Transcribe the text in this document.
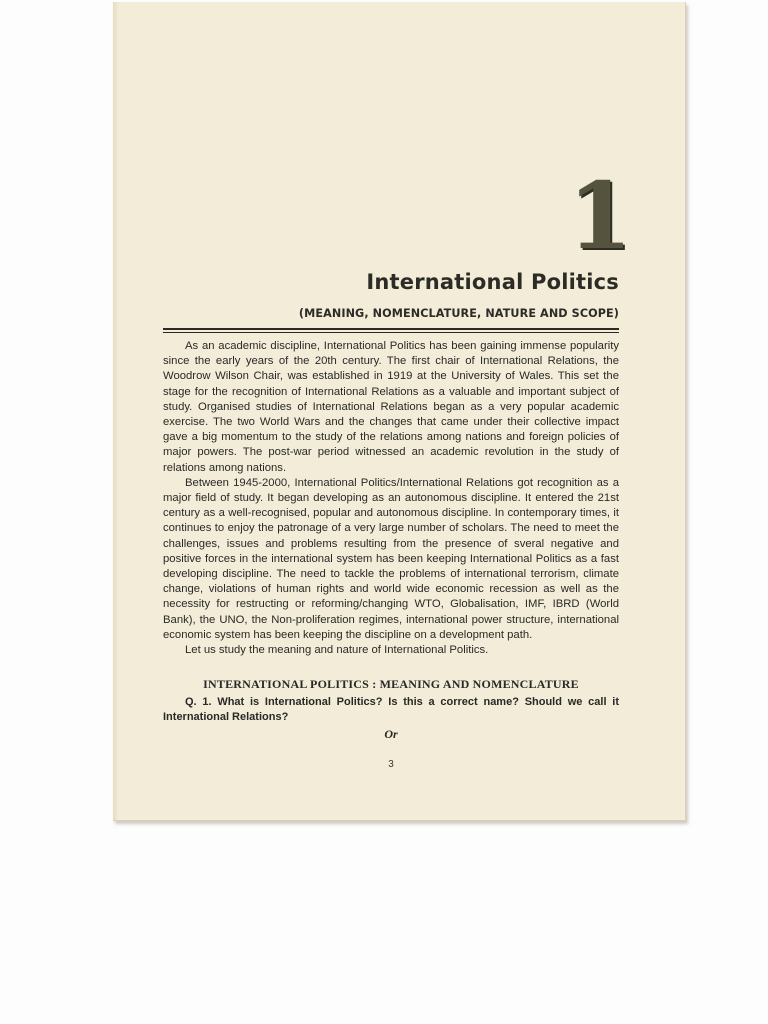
1
International Politics
(MEANING, NOMENCLATURE, NATURE AND SCOPE)

As an academic discipline, International Politics has been gaining immense popularity since the early years of the 20th century. The first chair of International Relations, the Woodrow Wilson Chair, was established in 1919 at the University of Wales. This set the stage for the recognition of International Relations as a valuable and important subject of study. Organised studies of International Relations began as a very popular academic exercise. The two World Wars and the changes that came under their collective impact gave a big momentum to the study of the relations among nations and foreign policies of major powers. The post-war period witnessed an academic revolution in the study of relations among nations.

Between 1945-2000, International Politics/International Relations got recognition as a major field of study. It began developing as an autonomous discipline. It entered the 21st century as a well-recognised, popular and autonomous discipline. In contemporary times, it continues to enjoy the patronage of a very large number of scholars. The need to meet the challenges, issues and problems resulting from the presence of sveral negative and positive forces in the international system has been keeping International Politics as a fast developing discipline. The need to tackle the problems of international terrorism, climate change, violations of human rights and world wide economic recession as well as the necessity for restructing or reforming/changing WTO, Globalisation, IMF, IBRD (World Bank), the UNO, the Non-proliferation regimes, international power structure, international economic system has been keeping the discipline on a development path.

Let us study the meaning and nature of International Politics.

INTERNATIONAL POLITICS : MEANING AND NOMENCLATURE
Q. 1. What is International Politics? Is this a correct name? Should we call it International Relations?
Or
3
